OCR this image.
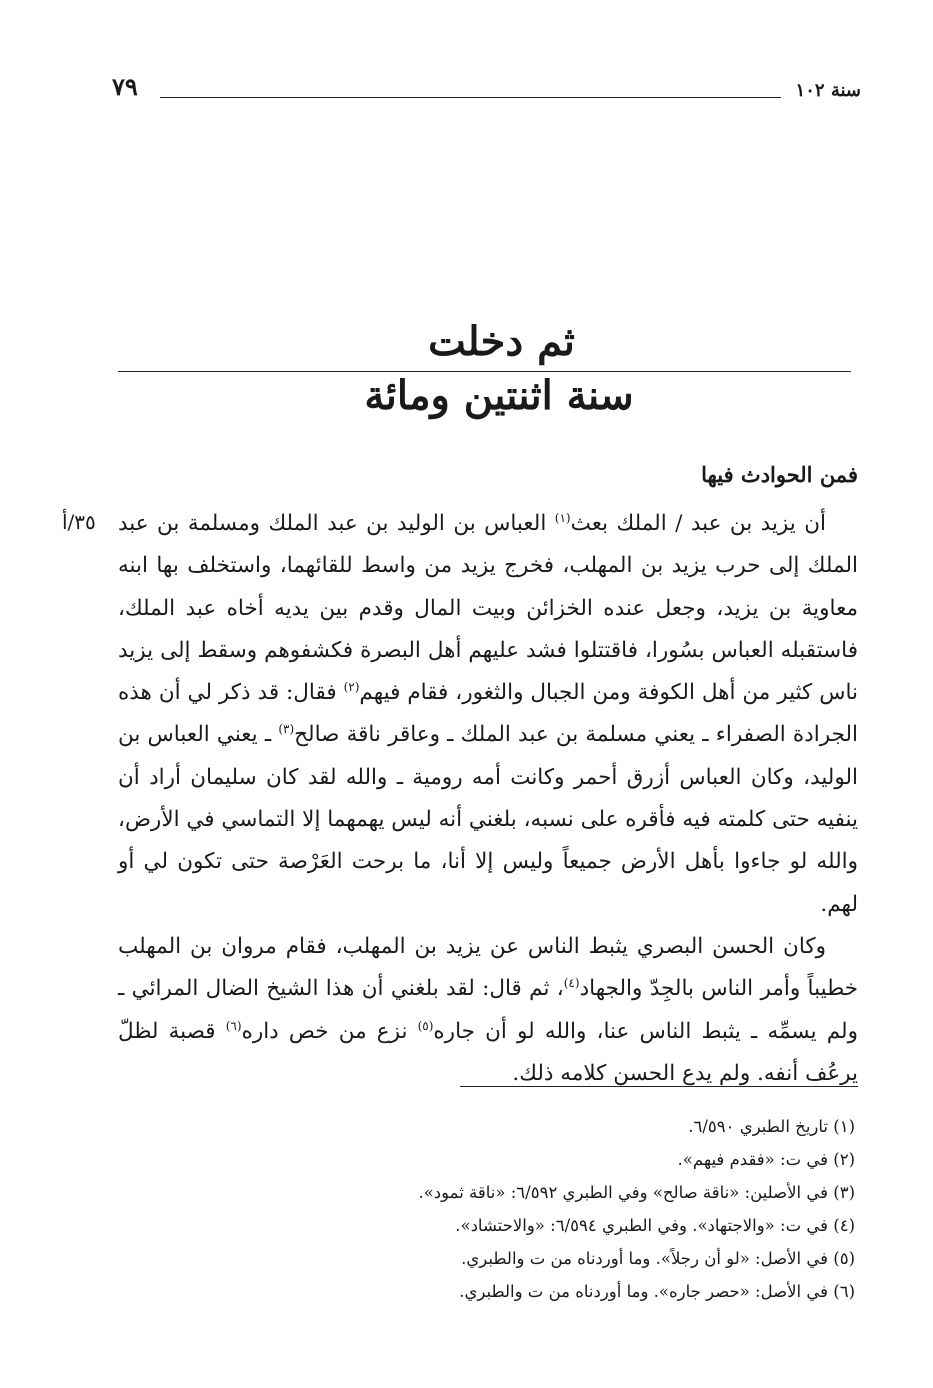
سنة ١٠٢
٧٩
ثم دخلت
سنة اثنتين ومائة
فمن الحوادث فيها
٣٥/أ	أن يزيد بن عبد / الملك بعث$^{(١)}$ العباس بن الوليد بن عبد الملك ومسلمة بن عبد الملك إلى حرب يزيد بن المهلب، فخرج يزيد من واسط للقائهما، واستخلف بها ابنه معاوية بن يزيد، وجعل عنده الخزائن وبيت المال وقدم بين يديه أخاه عبد الملك، فاستقبله العباس بسُورا، فاقتتلوا فشد عليهم أهل البصرة فكشفوهم وسقط إلى يزيد ناس كثير من أهل الكوفة ومن الجبال والثغور، فقام فيهم$^{(٢)}$ فقال: قد ذكر لي أن هذه الجرادة الصفراء ـ يعني مسلمة بن عبد الملك ـ وعاقر ناقة صالح$^{(٣)}$ ـ يعني العباس بن الوليد، وكان العباس أزرق أحمر وكانت أمه رومية ـ والله لقد كان سليمان أراد أن ينفيه حتى كلمته فيه فأقره على نسبه، بلغني أنه ليس يهمهما إلا التماسي في الأرض، والله لو جاءوا بأهل الأرض جميعاً وليس إلا أنا، ما برحت العَرْصة حتى تكون لي أو لهم.

وكان الحسن البصري يثبط الناس عن يزيد بن المهلب، فقام مروان بن المهلب خطيباً وأمر الناس بالجِدّ والجهاد$^{(٤)}$، ثم قال: لقد بلغني أن هذا الشيخ الضال المرائي ـ ولم يسمِّه ـ يثبط الناس عنا، والله لو أن جاره$^{(٥)}$ نزع من خص داره$^{(٦)}$ قصبة لظلّ يرعُف أنفه. ولم يدع الحسن كلامه ذلك.

(١) تاريخ الطبري ٦/٥٩٠.
(٢) في ت: «فقدم فيهم».
(٣) في الأصلين: «ناقة صالح» وفي الطبري ٦/٥٩٢: «ناقة ثمود».
(٤) في ت: «والاجتهاد». وفي الطبري ٦/٥٩٤: «والاحتشاد».
(٥) في الأصل: «لو أن رجلاً». وما أوردناه من ت والطبري.
(٦) في الأصل: «حصر جاره». وما أوردناه من ت والطبري.
